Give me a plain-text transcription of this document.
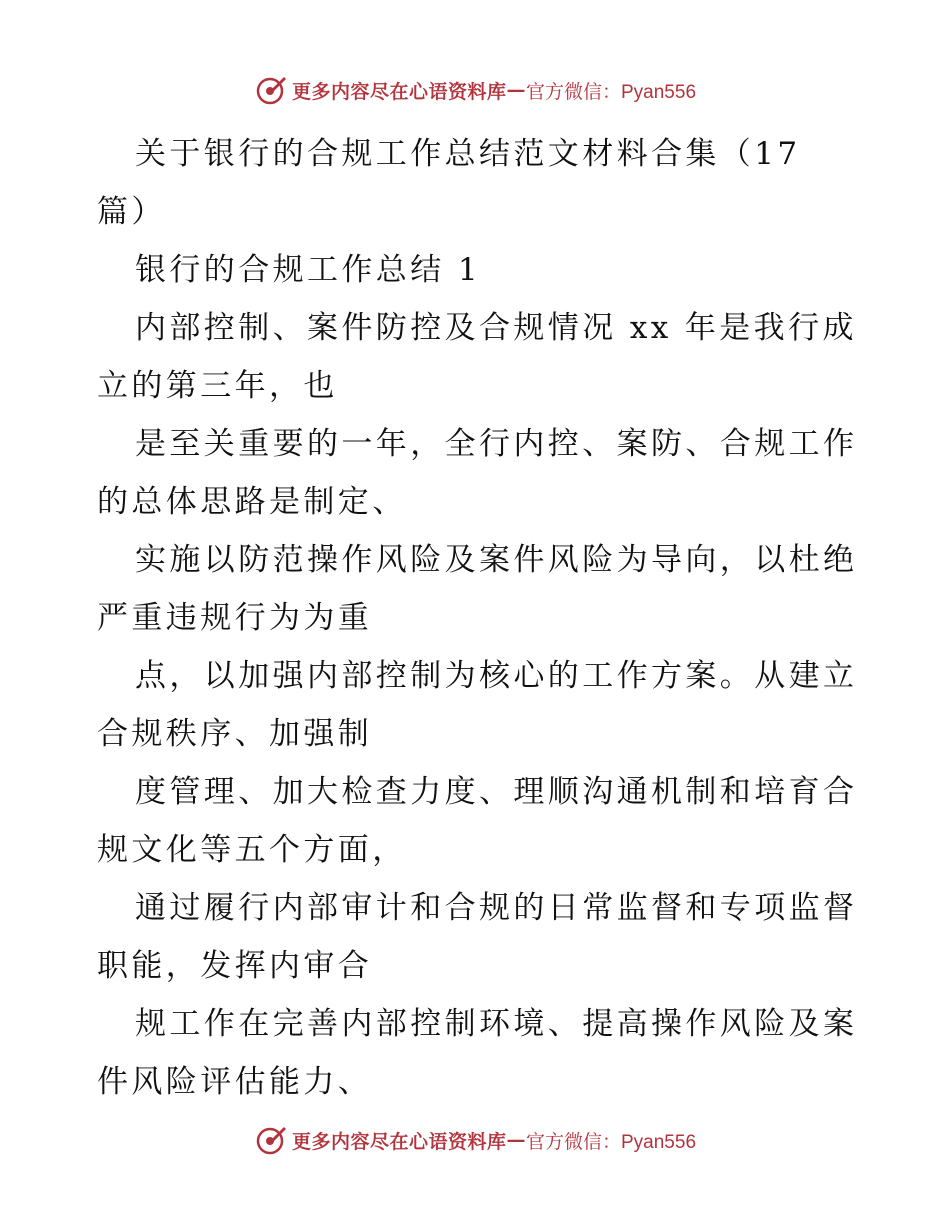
更多内容尽在心语资料库 — 官方微信：Pyan556

关于银行的合规工作总结范文材料合集（17
篇）

银行的合规工作总结 1

内部控制、案件防控及合规情况 xx 年是我行成
立的第三年，也

是至关重要的一年，全行内控、案防、合规工作
的总体思路是制定、

实施以防范操作风险及案件风险为导向，以杜绝
严重违规行为为重

点，以加强内部控制为核心的工作方案。从建立
合规秩序、加强制

度管理、加大检查力度、理顺沟通机制和培育合
规文化等五个方面，

通过履行内部审计和合规的日常监督和专项监督
职能，发挥内审合

规工作在完善内部控制环境、提高操作风险及案
件风险评估能力、

更多内容尽在心语资料库 — 官方微信：Pyan556
